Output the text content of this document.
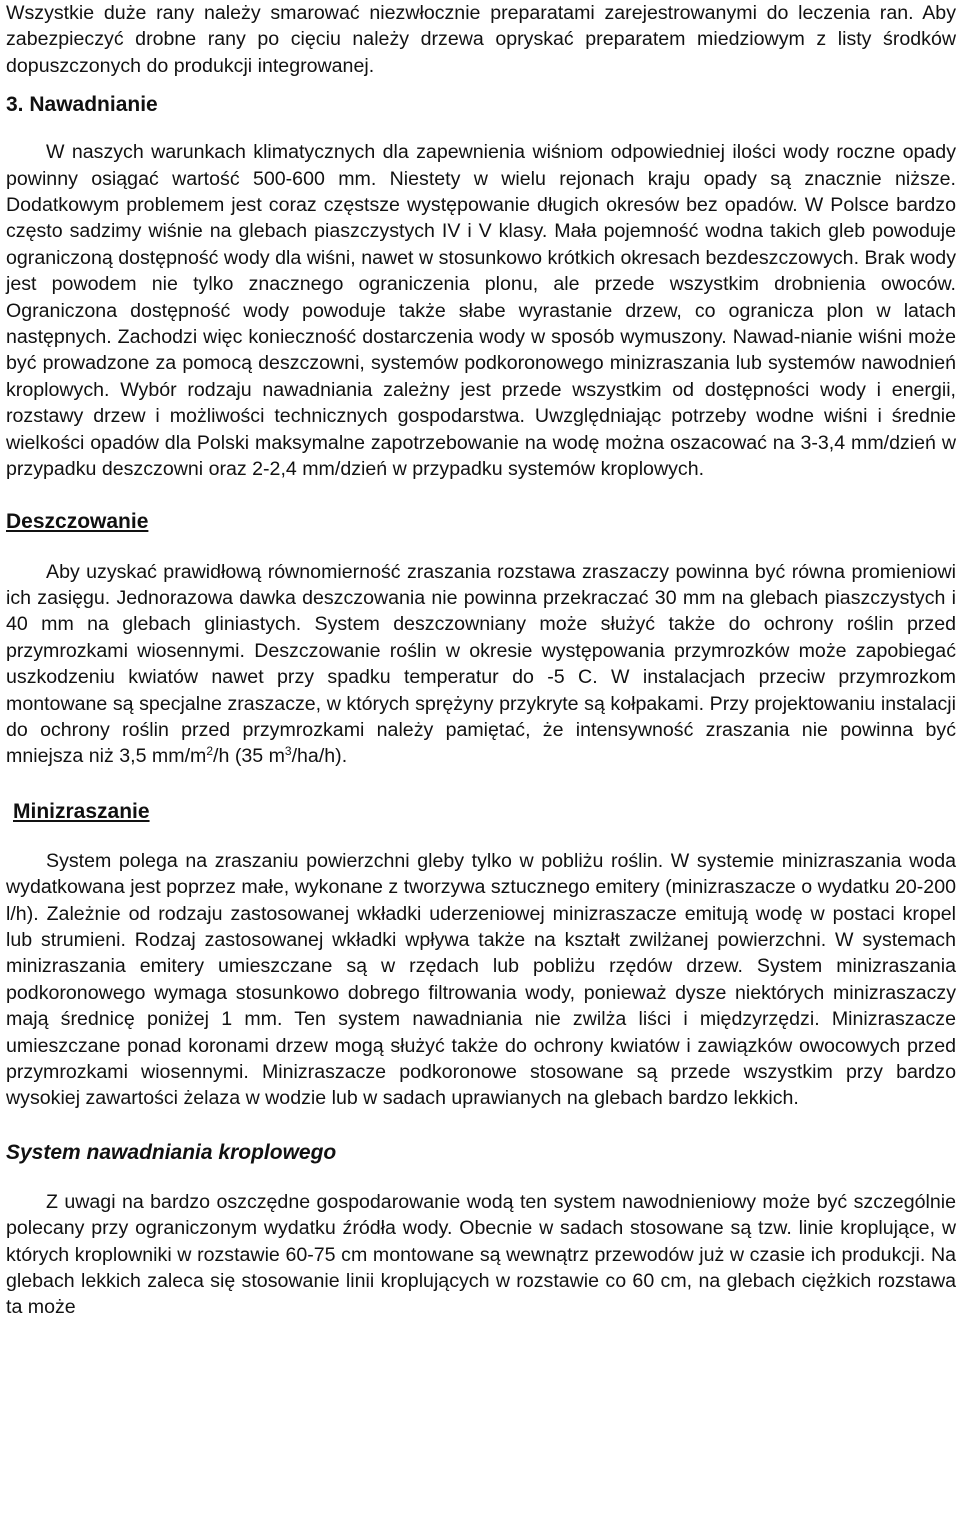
Wszystkie duże rany należy smarować niezwłocznie preparatami zarejestrowanymi do leczenia ran. Aby zabezpieczyć drobne rany po cięciu należy drzewa opryskać preparatem miedziowym z listy środków dopuszczonych do produkcji integrowanej.

3. Nawadnianie

W naszych warunkach klimatycznych dla zapewnienia wiśniom odpowiedniej ilości wody roczne opady powinny osiągać wartość 500-600 mm. Niestety w wielu rejonach kraju opady są znacznie niższe. Dodatkowym problemem jest coraz częstsze występowanie długich okresów bez opadów. W Polsce bardzo często sadzimy wiśnie na glebach piaszczystych IV i V klasy. Mała pojemność wodna takich gleb powoduje ograniczoną dostępność wody dla wiśni, nawet w stosunkowo krótkich okresach bezdeszczowych. Brak wody jest powodem nie tylko znacznego ograniczenia plonu, ale przede wszystkim drobnienia owoców. Ograniczona dostępność wody powoduje także słabe wyrastanie drzew, co ogranicza plon w latach następnych. Zachodzi więc konieczność dostarczenia wody w sposób wymuszony. Nawad-nianie wiśni może być prowadzone za pomocą deszczowni, systemów podkoronowego minizraszania lub systemów nawodnień kroplowych. Wybór rodzaju nawadniania zależny jest przede wszystkim od dostępności wody i energii, rozstawy drzew i możliwości technicznych gospodarstwa. Uwzględniając potrzeby wodne wiśni i średnie wielkości opadów dla Polski maksymalne zapotrzebowanie na wodę można oszacować na 3-3,4 mm/dzień w przypadku deszczowni oraz 2-2,4 mm/dzień w przypadku systemów kroplowych.

Deszczowanie

Aby uzyskać prawidłową równomierność zraszania rozstawa zraszaczy powinna być równa promieniowi ich zasięgu. Jednorazowa dawka deszczowania nie powinna przekraczać 30 mm na glebach piaszczystych i 40 mm na glebach gliniastych. System deszczowniany może służyć także do ochrony roślin przed przymrozkami wiosennymi. Deszczowanie roślin w okresie występowania przymrozków może zapobiegać uszkodzeniu kwiatów nawet przy spadku temperatur do -5 C. W instalacjach przeciw przymrozkom montowane są specjalne zraszacze, w których sprężyny przykryte są kołpakami. Przy projektowaniu instalacji do ochrony roślin przed przymrozkami należy pamiętać, że intensywność zraszania nie powinna być mniejsza niż 3,5 $mm/m^2/h$ (35 $m^3/ha/h$).

Minizraszanie

System polega na zraszaniu powierzchni gleby tylko w pobliżu roślin. W systemie minizraszania woda wydatkowana jest poprzez małe, wykonane z tworzywa sztucznego emitery (minizraszacze o wydatku 20-200 l/h). Zależnie od rodzaju zastosowanej wkładki uderzeniowej minizraszacze emitują wodę w postaci kropel lub strumieni. Rodzaj zastosowanej wkładki wpływa także na kształt zwilżanej powierzchni. W systemach minizraszania emitery umieszczane są w rzędach lub pobliżu rzędów drzew. System minizraszania podkoronowego wymaga stosunkowo dobrego filtrowania wody, ponieważ dysze niektórych minizraszaczy mają średnicę poniżej 1 mm. Ten system nawadniania nie zwilża liści i międzyrzędzi. Minizraszacze umieszczane ponad koronami drzew mogą służyć także do ochrony kwiatów i zawiązków owocowych przed przymrozkami wiosennymi. Minizraszacze podkoronowe stosowane są przede wszystkim przy bardzo wysokiej zawartości żelaza w wodzie lub w sadach uprawianych na glebach bardzo lekkich.

System nawadniania kroplowego

Z uwagi na bardzo oszczędne gospodarowanie wodą ten system nawodnieniowy może być szczególnie polecany przy ograniczonym wydatku źródła wody. Obecnie w sadach stosowane są tzw. linie kroplujące, w których kroplowniki w rozstawie 60-75 cm montowane są wewnątrz przewodów już w czasie ich produkcji. Na glebach lekkich zaleca się stosowanie linii kroplujących w rozstawie co 60 cm, na glebach ciężkich rozstawa ta może
